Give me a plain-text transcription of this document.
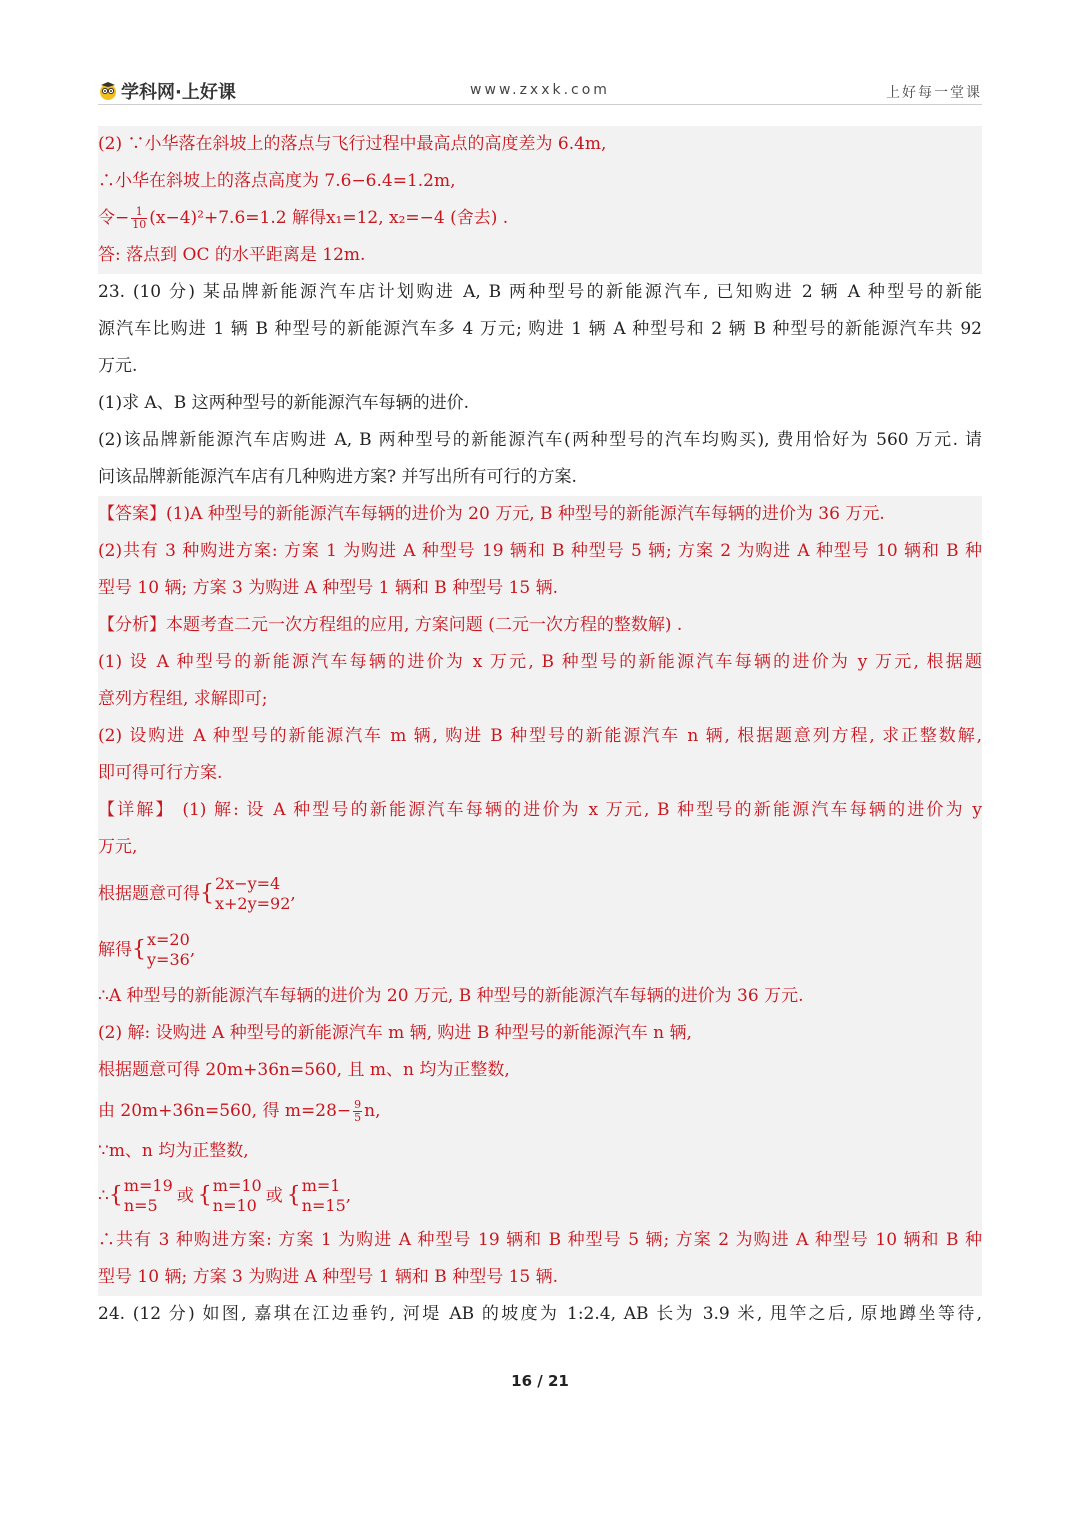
学科网·上好课	www.zxxk.com	上好每一堂课
(2) ∵小华落在斜坡上的落点与飞行过程中最高点的高度差为 6.4m,
∴小华在斜坡上的落点高度为 7.6−6.4=1.2m,
令− $\frac{1}{10} (x-4)^2+7.6=1.2$ 解得x₁=12, x₂=−4 (舍去) .
答: 落点到 OC 的水平距离是 12m.
23. (10 分) 某品牌新能源汽车店计划购进 A, B 两种型号的新能源汽车, 已知购进 2 辆 A 种型号的新能
源汽车比购进 1 辆 B 种型号的新能源汽车多 4 万元; 购进 1 辆 A 种型号和 2 辆 B 种型号的新能源汽车共 92
万元.
(1)求 A、B 这两种型号的新能源汽车每辆的进价.
(2)该品牌新能源汽车店购进 A, B 两种型号的新能源汽车(两种型号的汽车均购买), 费用恰好为 560 万元. 请
问该品牌新能源汽车店有几种购进方案? 并写出所有可行的方案.
【答案】(1)A 种型号的新能源汽车每辆的进价为 20 万元, B 种型号的新能源汽车每辆的进价为 36 万元.
(2)共有 3 种购进方案: 方案 1 为购进 A 种型号 19 辆和 B 种型号 5 辆; 方案 2 为购进 A 种型号 10 辆和 B 种
型号 10 辆; 方案 3 为购进 A 种型号 1 辆和 B 种型号 15 辆.
【分析】本题考查二元一次方程组的应用, 方案问题 (二元一次方程的整数解) .
(1) 设 A 种型号的新能源汽车每辆的进价为 x 万元, B 种型号的新能源汽车每辆的进价为 y 万元, 根据题
意列方程组, 求解即可;
(2) 设购进 A 种型号的新能源汽车 m 辆, 购进 B 种型号的新能源汽车 n 辆, 根据题意列方程, 求正整数解,
即可得可行方案.
【详解】 (1) 解: 设 A 种型号的新能源汽车每辆的进价为 x 万元, B 种型号的新能源汽车每辆的进价为 y
万元,
根据题意可得 { 2x−y=4
x+2y=92 ,
解得 { x=20
y=36 ,
∴A 种型号的新能源汽车每辆的进价为 20 万元, B 种型号的新能源汽车每辆的进价为 36 万元.
(2) 解: 设购进 A 种型号的新能源汽车 m 辆, 购进 B 种型号的新能源汽车 n 辆,
根据题意可得 20m+36n=560, 且 m、n 均为正整数,
由 20m+36n=560, 得 $m=28- \frac{9}{5} n$,
∵m、n 均为正整数,
∴ { m=19
n=5	或 { m=10
n=10 或 { m=1
n=15 ,
∴共有 3 种购进方案: 方案 1 为购进 A 种型号 19 辆和 B 种型号 5 辆; 方案 2 为购进 A 种型号 10 辆和 B 种
型号 10 辆; 方案 3 为购进 A 种型号 1 辆和 B 种型号 15 辆.
24. (12 分) 如图, 嘉琪在江边垂钓, 河堤 AB 的坡度为 1:2.4, AB 长为 3.9 米, 甩竿之后, 原地蹲坐等待,
16 / 21
